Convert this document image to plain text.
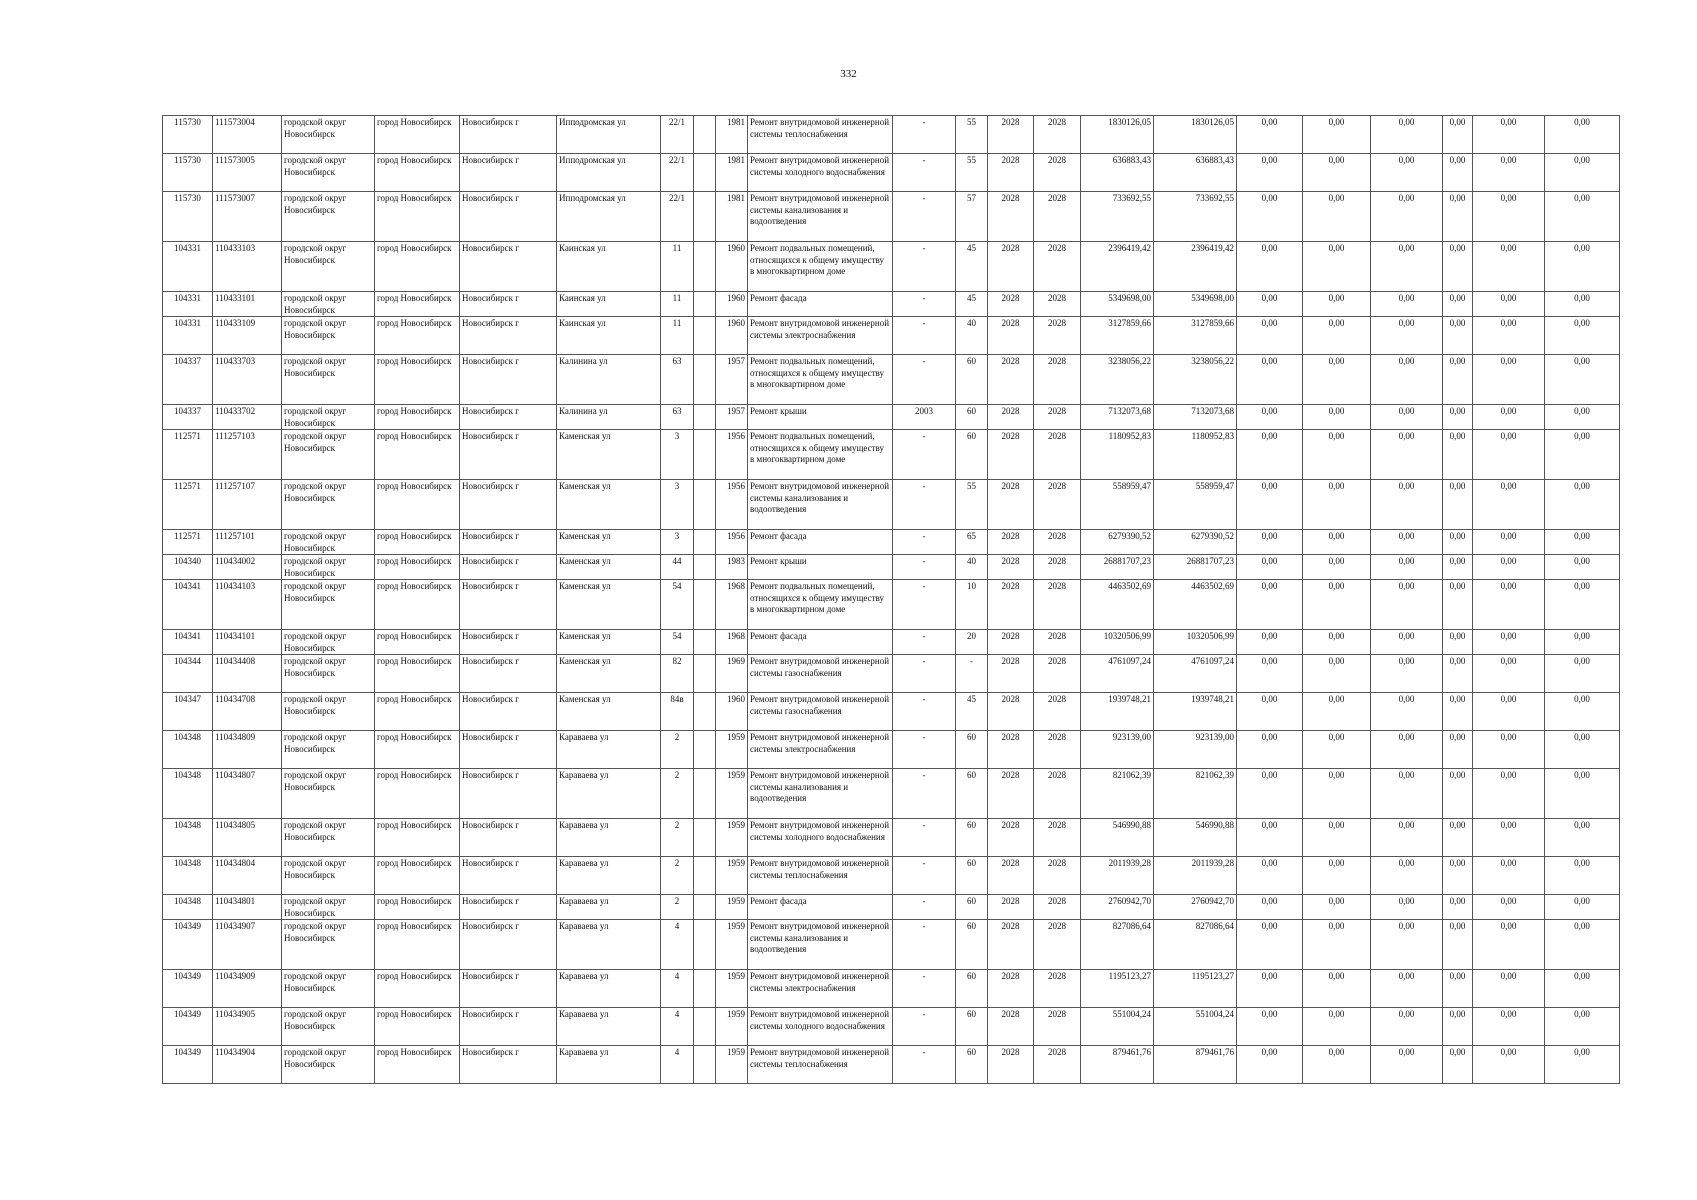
332
115730	111573004	городской округ Новосибирск	город Новосибирск	Новосибирск г	Ипподромская ул	22/1		1981	Ремонт внутридомовой инженерной системы теплоснабжения	-	55	2028	2028	1830126,05	1830126,05	0,00	0,00	0,00	0,00	0,00	0,00
115730	111573005	городской округ Новосибирск	город Новосибирск	Новосибирск г	Ипподромская ул	22/1		1981	Ремонт внутридомовой инженерной системы холодного водоснабжения	-	55	2028	2028	636883,43	636883,43	0,00	0,00	0,00	0,00	0,00	0,00
115730	111573007	городской округ Новосибирск	город Новосибирск	Новосибирск г	Ипподромская ул	22/1		1981	Ремонт внутридомовой инженерной системы канализования и водоотведения	-	57	2028	2028	733692,55	733692,55	0,00	0,00	0,00	0,00	0,00	0,00
104331	110433103	городской округ Новосибирск	город Новосибирск	Новосибирск г	Каинская ул	11		1960	Ремонт подвальных помещений, относящихся к общему имуществу в многоквартирном доме	-	45	2028	2028	2396419,42	2396419,42	0,00	0,00	0,00	0,00	0,00	0,00
104331	110433101	городской округ Новосибирск	город Новосибирск	Новосибирск г	Каинская ул	11		1960	Ремонт фасада	-	45	2028	2028	5349698,00	5349698,00	0,00	0,00	0,00	0,00	0,00	0,00
104331	110433109	городской округ Новосибирск	город Новосибирск	Новосибирск г	Каинская ул	11		1960	Ремонт внутридомовой инженерной системы электроснабжения	-	40	2028	2028	3127859,66	3127859,66	0,00	0,00	0,00	0,00	0,00	0,00
104337	110433703	городской округ Новосибирск	город Новосибирск	Новосибирск г	Калинина ул	63		1957	Ремонт подвальных помещений, относящихся к общему имуществу в многоквартирном доме	-	60	2028	2028	3238056,22	3238056,22	0,00	0,00	0,00	0,00	0,00	0,00
104337	110433702	городской округ Новосибирск	город Новосибирск	Новосибирск г	Калинина ул	63		1957	Ремонт крыши	2003	60	2028	2028	7132073,68	7132073,68	0,00	0,00	0,00	0,00	0,00	0,00
112571	111257103	городской округ Новосибирск	город Новосибирск	Новосибирск г	Каменская ул	3		1956	Ремонт подвальных помещений, относящихся к общему имуществу в многоквартирном доме	-	60	2028	2028	1180952,83	1180952,83	0,00	0,00	0,00	0,00	0,00	0,00
112571	111257107	городской округ Новосибирск	город Новосибирск	Новосибирск г	Каменская ул	3		1956	Ремонт внутридомовой инженерной системы канализования и водоотведения	-	55	2028	2028	558959,47	558959,47	0,00	0,00	0,00	0,00	0,00	0,00
112571	111257101	городской округ Новосибирск	город Новосибирск	Новосибирск г	Каменская ул	3		1956	Ремонт фасада	-	65	2028	2028	6279390,52	6279390,52	0,00	0,00	0,00	0,00	0,00	0,00
104340	110434002	городской округ Новосибирск	город Новосибирск	Новосибирск г	Каменская ул	44		1983	Ремонт крыши	-	40	2028	2028	26881707,23	26881707,23	0,00	0,00	0,00	0,00	0,00	0,00
104341	110434103	городской округ Новосибирск	город Новосибирск	Новосибирск г	Каменская ул	54		1968	Ремонт подвальных помещений, относящихся к общему имуществу в многоквартирном доме	-	10	2028	2028	4463502,69	4463502,69	0,00	0,00	0,00	0,00	0,00	0,00
104341	110434101	городской округ Новосибирск	город Новосибирск	Новосибирск г	Каменская ул	54		1968	Ремонт фасада	-	20	2028	2028	10320506,99	10320506,99	0,00	0,00	0,00	0,00	0,00	0,00
104344	110434408	городской округ Новосибирск	город Новосибирск	Новосибирск г	Каменская ул	82		1969	Ремонт внутридомовой инженерной системы газоснабжения	-	-	2028	2028	4761097,24	4761097,24	0,00	0,00	0,00	0,00	0,00	0,00
104347	110434708	городской округ Новосибирск	город Новосибирск	Новосибирск г	Каменская ул	84в		1960	Ремонт внутридомовой инженерной системы газоснабжения	-	45	2028	2028	1939748,21	1939748,21	0,00	0,00	0,00	0,00	0,00	0,00
104348	110434809	городской округ Новосибирск	город Новосибирск	Новосибирск г	Караваева ул	2		1959	Ремонт внутридомовой инженерной системы электроснабжения	-	60	2028	2028	923139,00	923139,00	0,00	0,00	0,00	0,00	0,00	0,00
104348	110434807	городской округ Новосибирск	город Новосибирск	Новосибирск г	Караваева ул	2		1959	Ремонт внутридомовой инженерной системы канализования и водоотведения	-	60	2028	2028	821062,39	821062,39	0,00	0,00	0,00	0,00	0,00	0,00
104348	110434805	городской округ Новосибирск	город Новосибирск	Новосибирск г	Караваева ул	2		1959	Ремонт внутридомовой инженерной системы холодного водоснабжения	-	60	2028	2028	546990,88	546990,88	0,00	0,00	0,00	0,00	0,00	0,00
104348	110434804	городской округ Новосибирск	город Новосибирск	Новосибирск г	Караваева ул	2		1959	Ремонт внутридомовой инженерной системы теплоснабжения	-	60	2028	2028	2011939,28	2011939,28	0,00	0,00	0,00	0,00	0,00	0,00
104348	110434801	городской округ Новосибирск	город Новосибирск	Новосибирск г	Караваева ул	2		1959	Ремонт фасада	-	60	2028	2028	2760942,70	2760942,70	0,00	0,00	0,00	0,00	0,00	0,00
104349	110434907	городской округ Новосибирск	город Новосибирск	Новосибирск г	Караваева ул	4		1959	Ремонт внутридомовой инженерной системы канализования и водоотведения	-	60	2028	2028	827086,64	827086,64	0,00	0,00	0,00	0,00	0,00	0,00
104349	110434909	городской округ Новосибирск	город Новосибирск	Новосибирск г	Караваева ул	4		1959	Ремонт внутридомовой инженерной системы электроснабжения	-	60	2028	2028	1195123,27	1195123,27	0,00	0,00	0,00	0,00	0,00	0,00
104349	110434905	городской округ Новосибирск	город Новосибирск	Новосибирск г	Караваева ул	4		1959	Ремонт внутридомовой инженерной системы холодного водоснабжения	-	60	2028	2028	551004,24	551004,24	0,00	0,00	0,00	0,00	0,00	0,00
104349	110434904	городской округ Новосибирск	город Новосибирск	Новосибирск г	Караваева ул	4		1959	Ремонт внутридомовой инженерной системы теплоснабжения	-	60	2028	2028	879461,76	879461,76	0,00	0,00	0,00	0,00	0,00	0,00
